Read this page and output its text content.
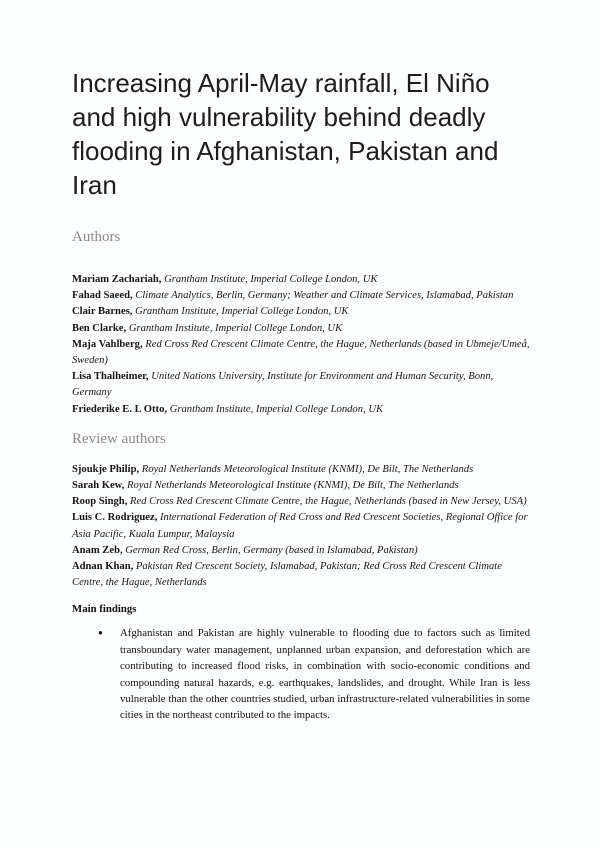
Increasing April-May rainfall, El Niño and high vulnerability behind deadly flooding in Afghanistan, Pakistan and Iran
Authors

Mariam Zachariah, Grantham Institute, Imperial College London, UK

Fahad Saeed, Climate Analytics, Berlin, Germany; Weather and Climate Services, Islamabad, Pakistan

Clair Barnes, Grantham Institute, Imperial College London, UK

Ben Clarke, Grantham Institute, Imperial College London, UK

Maja Vahlberg, Red Cross Red Crescent Climate Centre, the Hague, Netherlands (based in Ubmeje/Umeå, Sweden)

Lisa Thalheimer, United Nations University, Institute for Environment and Human Security, Bonn, Germany

Friederike E. L Otto, Grantham Institute, Imperial College London, UK

Review authors

Sjoukje Philip, Royal Netherlands Meteorological Institute (KNMI), De Bilt, The Netherlands

Sarah Kew, Royal Netherlands Meteorological Institute (KNMI), De Bilt, The Netherlands

Roop Singh, Red Cross Red Crescent Climate Centre, the Hague, Netherlands (based in New Jersey, USA)

Luis C. Rodriguez, International Federation of Red Cross and Red Crescent Societies, Regional Office for Asia Pacific, Kuala Lumpur, Malaysia

Anam Zeb, German Red Cross, Berlin, Germany (based in Islamabad, Pakistan)

Adnan Khan, Pakistan Red Crescent Society, Islamabad, Pakistan; Red Cross Red Crescent Climate Centre, the Hague, Netherlands

Main findings
●	Afghanistan and Pakistan are highly vulnerable to flooding due to factors such as limited transboundary water management, unplanned urban expansion, and deforestation which are contributing to increased flood risks, in combination with socio-economic conditions and compounding natural hazards, e.g. earthquakes, landslides, and drought. While Iran is less vulnerable than the other countries studied, urban infrastructure-related vulnerabilities in some cities in the northeast contributed to the impacts.
